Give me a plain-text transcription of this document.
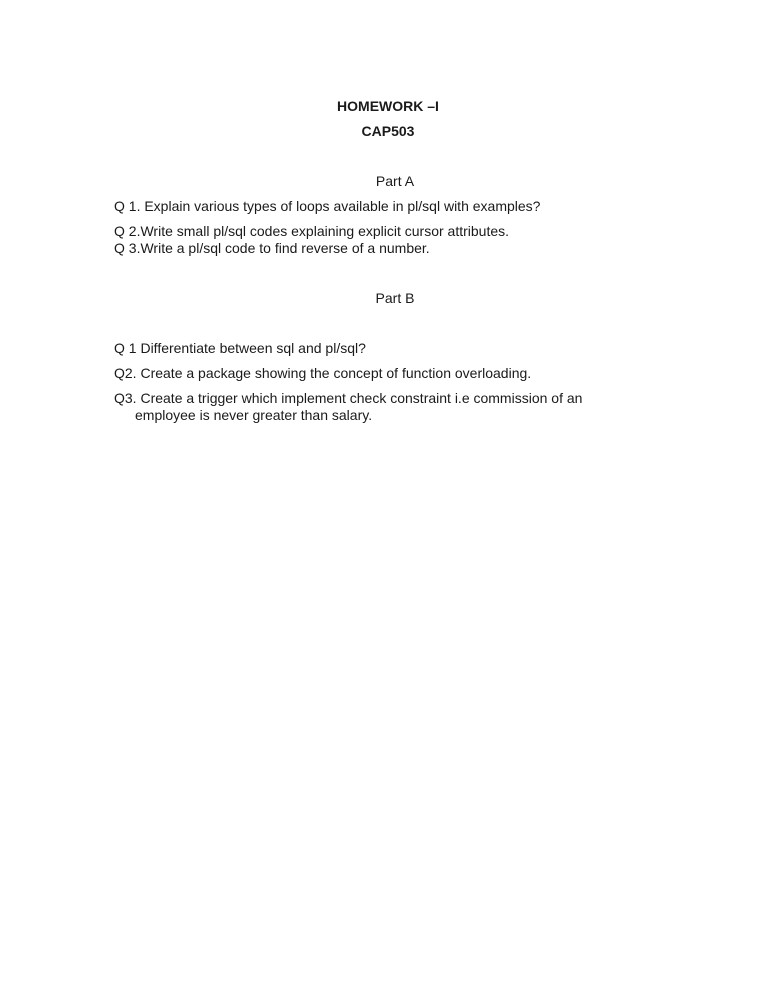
HOMEWORK –I
CAP503
Part A

Q 1. Explain various types of loops available in pl/sql with examples?

Q 2.Write small pl/sql codes explaining explicit cursor attributes.

Q 3.Write a pl/sql code to find reverse of a number.

Part B

Q 1 Differentiate between sql and pl/sql?

Q2. Create a package showing the concept of function overloading.

Q3. Create a trigger which implement check constraint i.e commission of an
employee is never greater than salary.
